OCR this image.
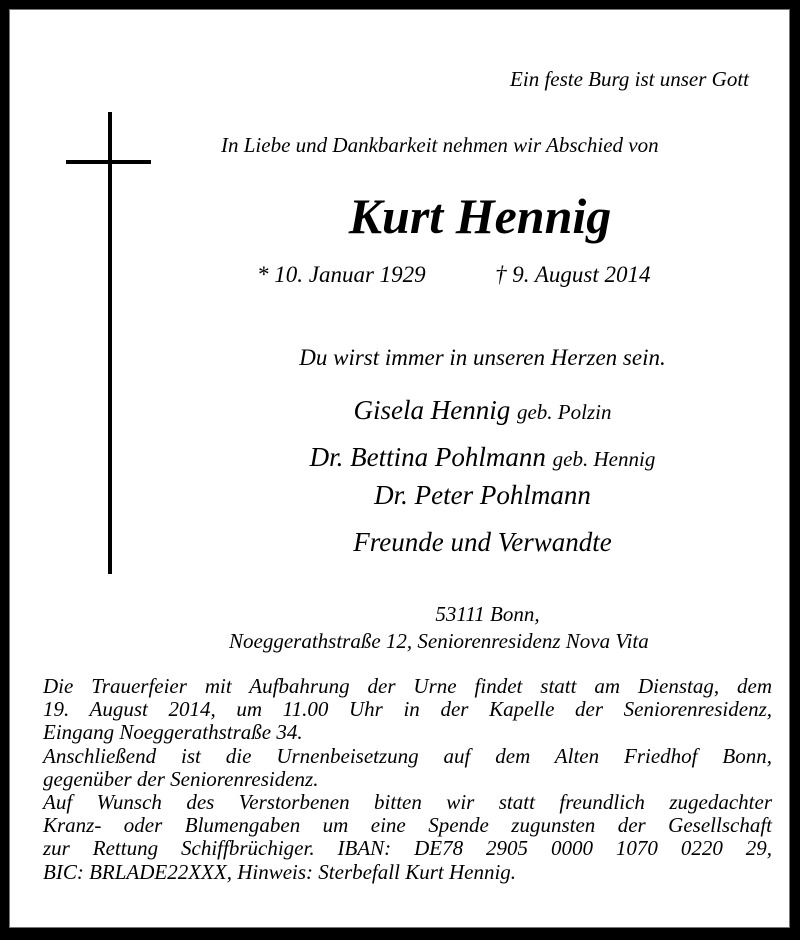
Ein feste Burg ist unser Gott
In Liebe und Dankbarkeit nehmen wir Abschied von
Kurt Hennig
* 10. Januar 1929	† 9. August 2014
Du wirst immer in unseren Herzen sein.
Gisela Hennig geb. Polzin
Dr. Bettina Pohlmann geb. Hennig
Dr. Peter Pohlmann
Freunde und Verwandte
53111 Bonn,
Noeggerathstraße 12, Seniorenresidenz Nova Vita
Die Trauerfeier mit Aufbahrung der Urne findet statt am Dienstag, dem
19. August 2014, um 11.00 Uhr in der Kapelle der Seniorenresidenz,
Eingang Noeggerathstraße 34.
Anschließend ist die Urnenbeisetzung auf dem Alten Friedhof Bonn,
gegenüber der Seniorenresidenz.
Auf Wunsch des Verstorbenen bitten wir statt freundlich zugedachter
Kranz- oder Blumengaben um eine Spende zugunsten der Gesellschaft
zur Rettung Schiffbrüchiger. IBAN: DE78 2905 0000 1070 0220 29,
BIC: BRLADE22XXX, Hinweis: Sterbefall Kurt Hennig.
